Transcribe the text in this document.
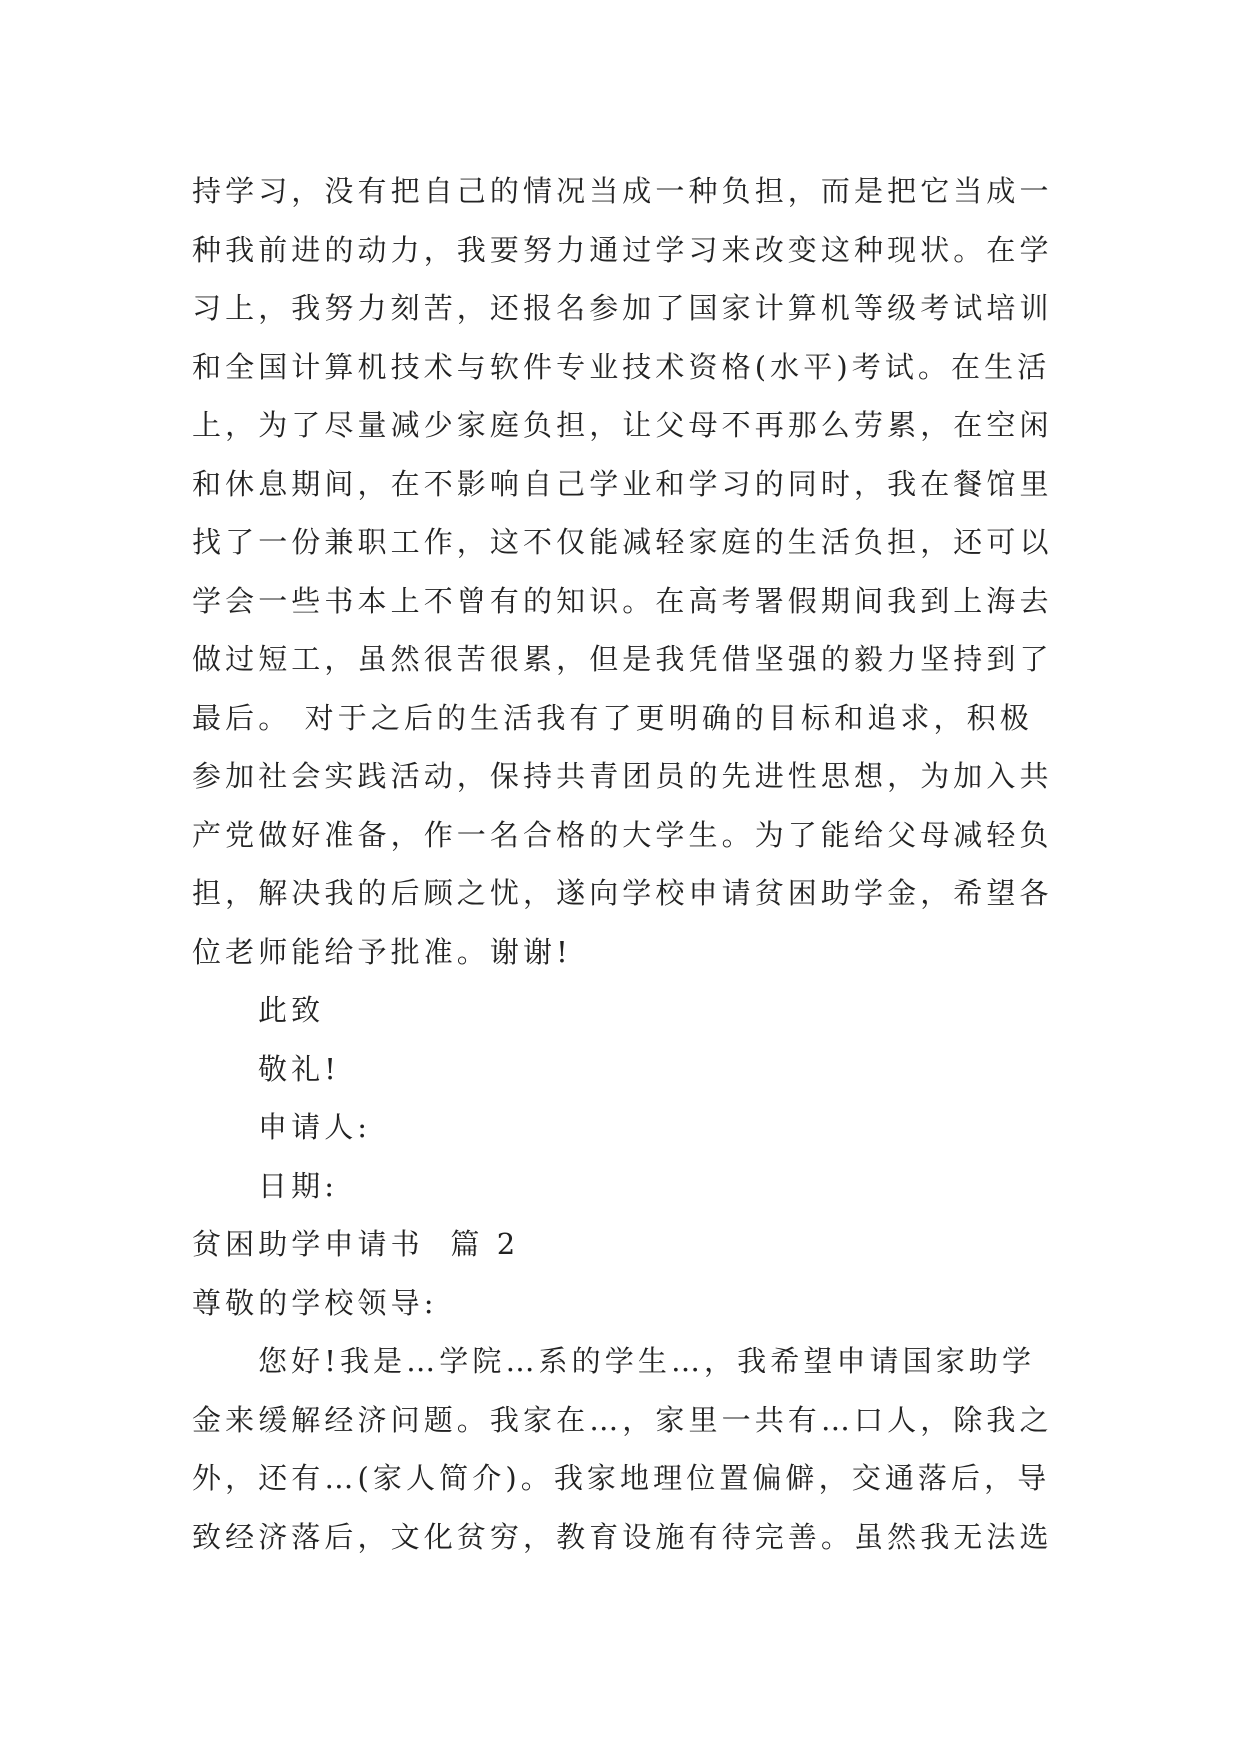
持学习，没有把自己的情况当成一种负担，而是把它当成一
种我前进的动力，我要努力通过学习来改变这种现状。在学
习上，我努力刻苦，还报名参加了国家计算机等级考试培训
和全国计算机技术与软件专业技术资格(水平)考试。在生活
上，为了尽量减少家庭负担，让父母不再那么劳累，在空闲
和休息期间，在不影响自己学业和学习的同时，我在餐馆里
找了一份兼职工作，这不仅能减轻家庭的生活负担，还可以
学会一些书本上不曾有的知识。在高考署假期间我到上海去
做过短工，虽然很苦很累，但是我凭借坚强的毅力坚持到了
最后。 对于之后的生活我有了更明确的目标和追求，积极
参加社会实践活动，保持共青团员的先进性思想，为加入共
产党做好准备，作一名合格的大学生。为了能给父母减轻负
担，解决我的后顾之忧，遂向学校申请贫困助学金，希望各
位老师能给予批准。谢谢!
此致
敬礼!
申请人:
日期:
贫困助学申请书  篇 2
尊敬的学校领导:
您好!我是…学院…系的学生…，我希望申请国家助学
金来缓解经济问题。我家在…，家里一共有…口人，除我之
外，还有…(家人简介)。我家地理位置偏僻，交通落后，导
致经济落后，文化贫穷，教育设施有待完善。虽然我无法选
